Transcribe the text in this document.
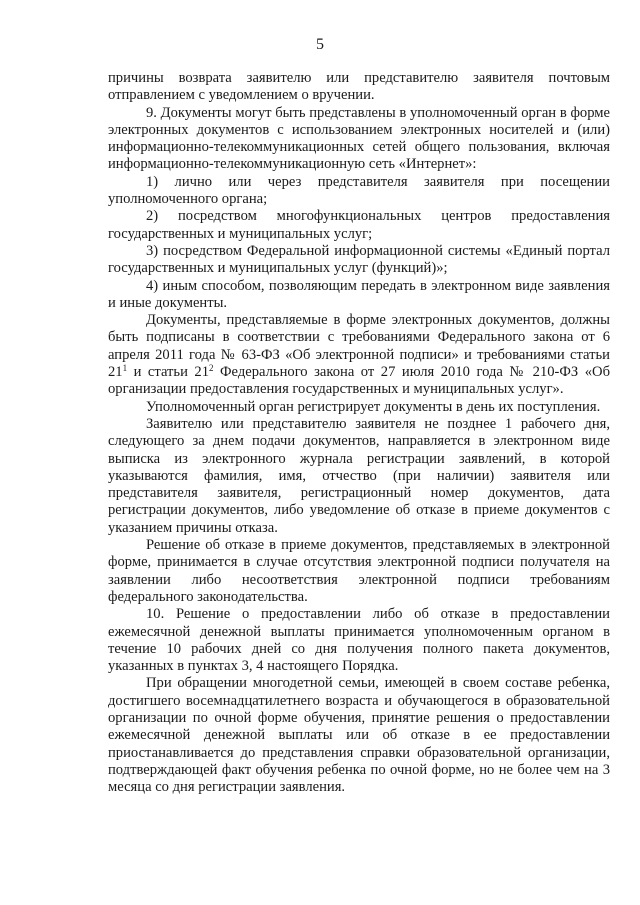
5

причины возврата заявителю или представителю заявителя почтовым отправлением с уведомлением о вручении.

9. Документы могут быть представлены в уполномоченный орган в форме электронных документов с использованием электронных носителей и (или) информационно-телекоммуникационных сетей общего пользования, включая информационно-телекоммуникационную сеть «Интернет»:

1) лично или через представителя заявителя при посещении уполномоченного органа;

2) посредством многофункциональных центров предоставления государственных и муниципальных услуг;

3) посредством Федеральной информационной системы «Единый портал государственных и муниципальных услуг (функций)»;

4) иным способом, позволяющим передать в электронном виде заявления и иные документы.

Документы, представляемые в форме электронных документов, должны быть подписаны в соответствии с требованиями Федерального закона от 6 апреля 2011 года № 63-ФЗ «Об электронной подписи» и требованиями статьи $21^1$ и статьи $21^2$ Федерального закона от 27 июля 2010 года № 210-ФЗ «Об организации предоставления государственных и муниципальных услуг».

Уполномоченный орган регистрирует документы в день их поступления.

Заявителю или представителю заявителя не позднее 1 рабочего дня, следующего за днем подачи документов, направляется в электронном виде выписка из электронного журнала регистрации заявлений, в которой указываются фамилия, имя, отчество (при наличии) заявителя или представителя заявителя, регистрационный номер документов, дата регистрации документов, либо уведомление об отказе в приеме документов с указанием причины отказа.

Решение об отказе в приеме документов, представляемых в электронной форме, принимается в случае отсутствия электронной подписи получателя на заявлении либо несоответствия электронной подписи требованиям федерального законодательства.

10. Решение о предоставлении либо об отказе в предоставлении ежемесячной денежной выплаты принимается уполномоченным органом в течение 10 рабочих дней со дня получения полного пакета документов, указанных в пунктах 3, 4 настоящего Порядка.

При обращении многодетной семьи, имеющей в своем составе ребенка, достигшего восемнадцатилетнего возраста и обучающегося в образовательной организации по очной форме обучения, принятие решения о предоставлении ежемесячной денежной выплаты или об отказе в ее предоставлении приостанавливается до представления справки образовательной организации, подтверждающей факт обучения ребенка по очной форме, но не более чем на 3 месяца со дня регистрации заявления.
